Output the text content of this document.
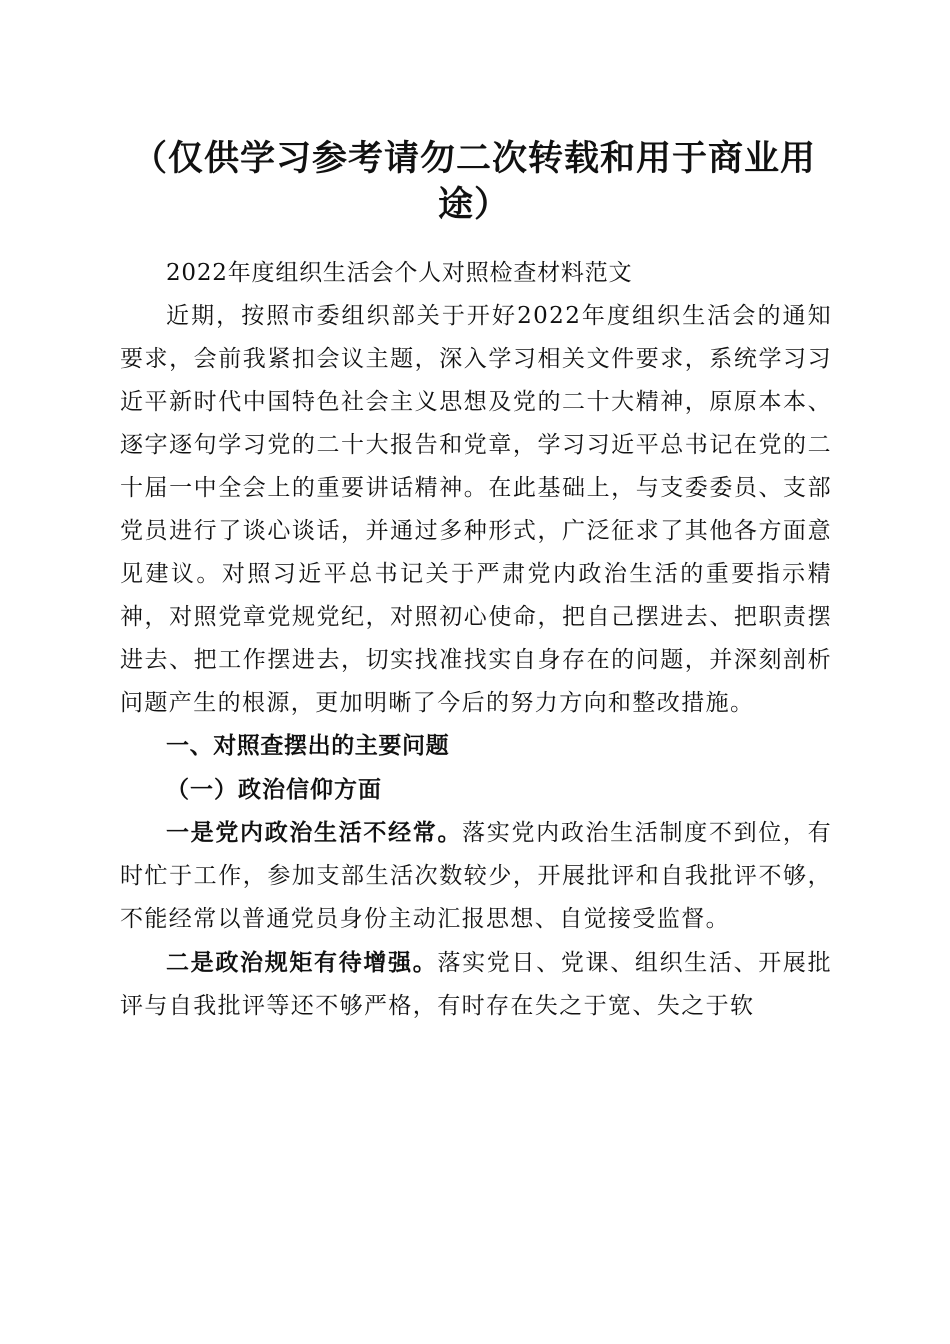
（仅供学习参考请勿二次转载和用于商业用途）

2022年度组织生活会个人对照检查材料范文

近期，按照市委组织部关于开好2022年度组织生活会的通知要求，会前我紧扣会议主题，深入学习相关文件要求，系统学习习近平新时代中国特色社会主义思想及党的二十大精神，原原本本、逐字逐句学习党的二十大报告和党章，学习习近平总书记在党的二十届一中全会上的重要讲话精神。在此基础上，与支委委员、支部党员进行了谈心谈话，并通过多种形式，广泛征求了其他各方面意见建议。对照习近平总书记关于严肃党内政治生活的重要指示精神，对照党章党规党纪，对照初心使命，把自己摆进去、把职责摆进去、把工作摆进去，切实找准找实自身存在的问题，并深刻剖析问题产生的根源，更加明晰了今后的努力方向和整改措施。

一、对照查摆出的主要问题

（一）政治信仰方面

一是党内政治生活不经常。落实党内政治生活制度不到位，有时忙于工作，参加支部生活次数较少，开展批评和自我批评不够，不能经常以普通党员身份主动汇报思想、自觉接受监督。

二是政治规矩有待增强。落实党日、党课、组织生活、开展批评与自我批评等还不够严格，有时存在失之于宽、失之于软
